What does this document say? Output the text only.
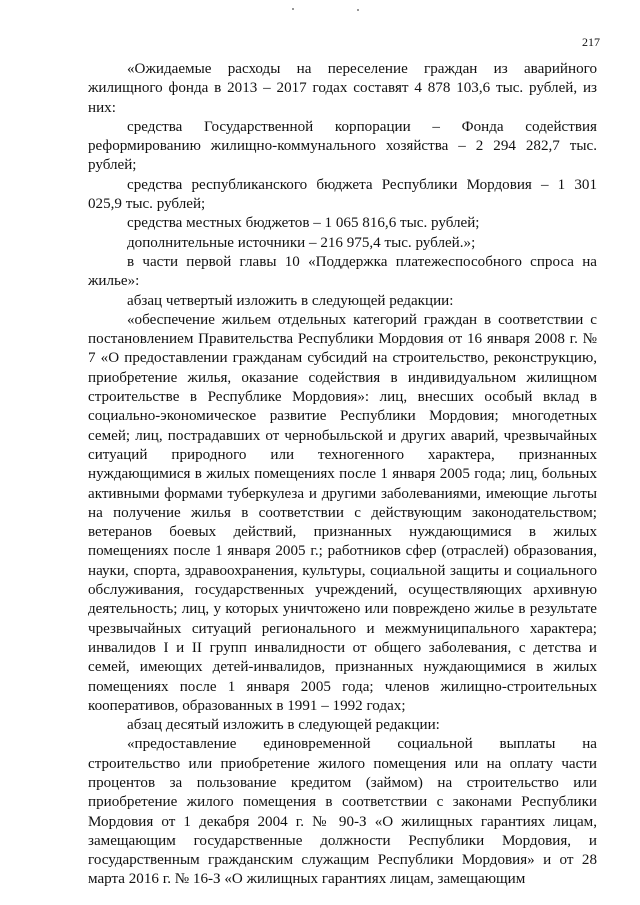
217

«Ожидаемые расходы на переселение граждан из аварийного жилищного фонда в 2013 – 2017 годах составят 4 878 103,6 тыс. рублей, из них:

средства Государственной корпорации – Фонда содействия реформированию жилищно-коммунального хозяйства – 2 294 282,7 тыс. рублей;

средства республиканского бюджета Республики Мордовия – 1 301 025,9 тыс. рублей;

средства местных бюджетов – 1 065 816,6 тыс. рублей;

дополнительные источники – 216 975,4 тыс. рублей.»;

в части первой главы 10 «Поддержка платежеспособного спроса на жилье»:

абзац четвертый изложить в следующей редакции:

«обеспечение жильем отдельных категорий граждан в соответствии с постановлением Правительства Республики Мордовия от 16 января 2008 г. № 7 «О предоставлении гражданам субсидий на строительство, реконструкцию, приобретение жилья, оказание содействия в индивидуальном жилищном строительстве в Республике Мордовия»: лиц, внесших особый вклад в социально-экономическое развитие Республики Мордовия; многодетных семей; лиц, пострадавших от чернобыльской и других аварий, чрезвычайных ситуаций природного или техногенного характера, признанных нуждающимися в жилых помещениях после 1 января 2005 года; лиц, больных активными формами туберкулеза и другими заболеваниями, имеющие льготы на получение жилья в соответствии с действующим законодательством; ветеранов боевых действий, признанных нуждающимися в жилых помещениях после 1 января 2005 г.; работников сфер (отраслей) образования, науки, спорта, здравоохранения, культуры, социальной защиты и социального обслуживания, государственных учреждений, осуществляющих архивную деятельность; лиц, у которых уничтожено или повреждено жилье в результате чрезвычайных ситуаций регионального и межмуниципального характера; инвалидов I и II групп инвалидности от общего заболевания, с детства и семей, имеющих детей-инвалидов, признанных нуждающимися в жилых помещениях после 1 января 2005 года; членов жилищно-строительных кооперативов, образованных в 1991 – 1992 годах;

абзац десятый изложить в следующей редакции:

«предоставление единовременной социальной выплаты на строительство или приобретение жилого помещения или на оплату части процентов за пользование кредитом (займом) на строительство или приобретение жилого помещения в соответствии с законами Республики Мордовия от 1 декабря 2004 г. № 90-З «О жилищных гарантиях лицам, замещающим государственные должности Республики Мордовия, и государственным гражданским служащим Республики Мордовия» и от 28 марта 2016 г. № 16-З «О жилищных гарантиях лицам, замещающим
